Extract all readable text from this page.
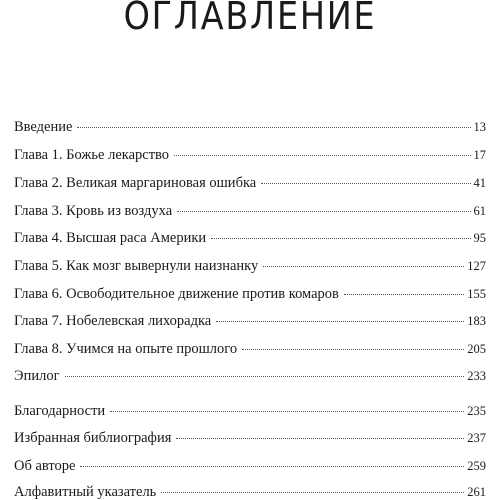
ОГЛАВЛЕНИЕ
Введение	13
Глава 1. Божье лекарство	17
Глава 2. Великая маргариновая ошибка	41
Глава 3. Кровь из воздуха	61
Глава 4. Высшая раса Америки	95
Глава 5. Как мозг вывернули наизнанку	127
Глава 6. Освободительное движение против комаров	155
Глава 7. Нобелевская лихорадка	183
Глава 8. Учимся на опыте прошлого	205
Эпилог	233
Благодарности	235
Избранная библиография	237
Об авторе	259
Алфавитный указатель	261
